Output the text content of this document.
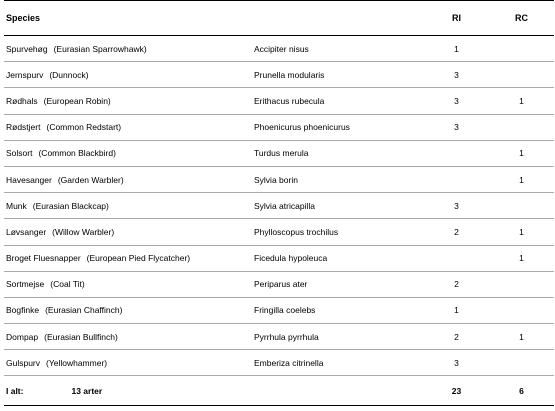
Species		RI	RC
Spurvehøg (Eurasian Sparrowhawk)	Accipiter nisus	1	
Jernspurv (Dunnock)	Prunella modularis	3	
Rødhals (European Robin)	Erithacus rubecula	3	1
Rødstjert (Common Redstart)	Phoenicurus phoenicurus	3	
Solsort (Common Blackbird)	Turdus merula		1
Havesanger (Garden Warbler)	Sylvia borin		1
Munk (Eurasian Blackcap)	Sylvia atricapilla	3	
Løvsanger (Willow Warbler)	Phylloscopus trochilus	2	1
Broget Fluesnapper (European Pied Flycatcher)	Ficedula hypoleuca		1
Sortmejse (Coal Tit)	Periparus ater	2	
Bogfinke (Eurasian Chaffinch)	Fringilla coelebs	1	
Dompap (Eurasian Bullfinch)	Pyrrhula pyrrhula	2	1
Gulspurv (Yellowhammer)	Emberiza citrinella	3	
I alt: 13 arter		23	6
